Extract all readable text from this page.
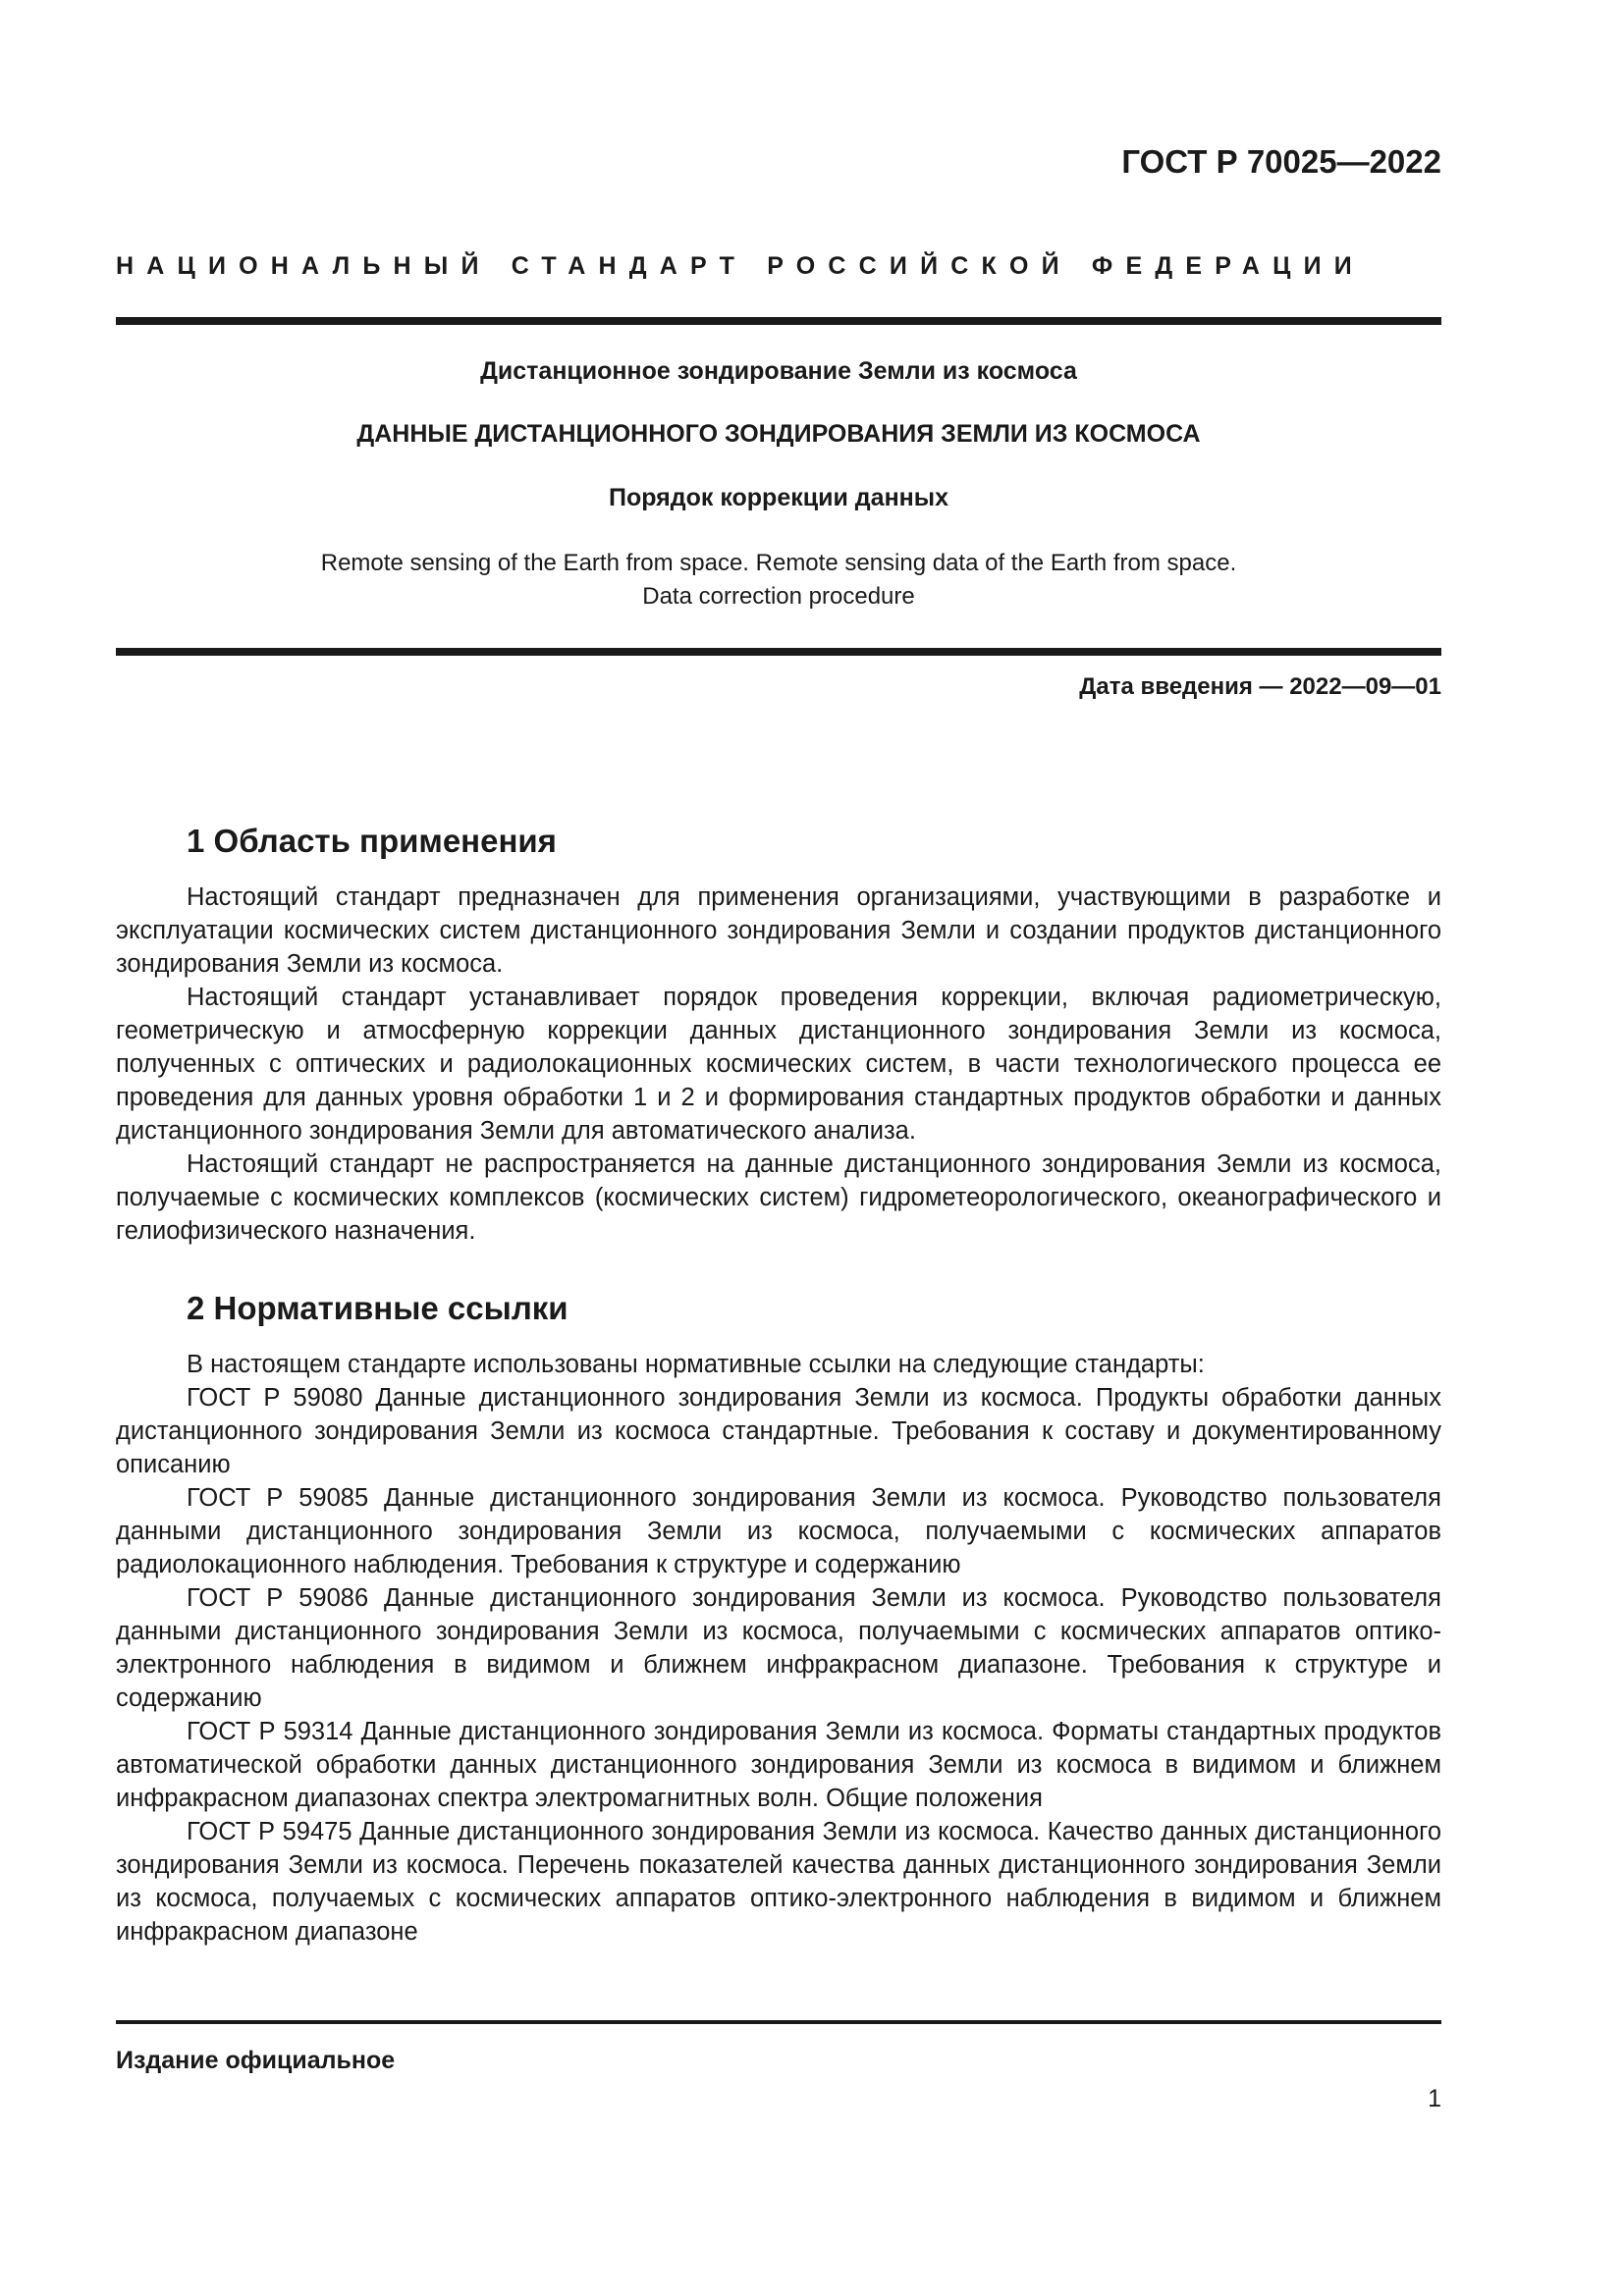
ГОСТ Р 70025—2022
НАЦИОНАЛЬНЫЙ СТАНДАРТ РОССИЙСКОЙ ФЕДЕРАЦИИ
Дистанционное зондирование Земли из космоса
ДАННЫЕ ДИСТАНЦИОННОГО ЗОНДИРОВАНИЯ ЗЕМЛИ ИЗ КОСМОСА
Порядок коррекции данных
Remote sensing of the Earth from space. Remote sensing data of the Earth from space.
Data correction procedure
Дата введения — 2022—09—01
1 Область применения

Настоящий стандарт предназначен для применения организациями, участвующими в разработке и эксплуатации космических систем дистанционного зондирования Земли и создании продуктов дистанционного зондирования Земли из космоса.

Настоящий стандарт устанавливает порядок проведения коррекции, включая радиометрическую, геометрическую и атмосферную коррекции данных дистанционного зондирования Земли из космоса, полученных с оптических и радиолокационных космических систем, в части технологического процесса ее проведения для данных уровня обработки 1 и 2 и формирования стандартных продуктов обработки и данных дистанционного зондирования Земли для автоматического анализа.

Настоящий стандарт не распространяется на данные дистанционного зондирования Земли из космоса, получаемые с космических комплексов (космических систем) гидрометеорологического, океанографического и гелиофизического назначения.

2 Нормативные ссылки

В настоящем стандарте использованы нормативные ссылки на следующие стандарты:

ГОСТ Р 59080 Данные дистанционного зондирования Земли из космоса. Продукты обработки данных дистанционного зондирования Земли из космоса стандартные. Требования к составу и документированному описанию

ГОСТ Р 59085 Данные дистанционного зондирования Земли из космоса. Руководство пользователя данными дистанционного зондирования Земли из космоса, получаемыми с космических аппаратов радиолокационного наблюдения. Требования к структуре и содержанию

ГОСТ Р 59086 Данные дистанционного зондирования Земли из космоса. Руководство пользователя данными дистанционного зондирования Земли из космоса, получаемыми с космических аппаратов оптико-электронного наблюдения в видимом и ближнем инфракрасном диапазоне. Требования к структуре и содержанию

ГОСТ Р 59314 Данные дистанционного зондирования Земли из космоса. Форматы стандартных продуктов автоматической обработки данных дистанционного зондирования Земли из космоса в видимом и ближнем инфракрасном диапазонах спектра электромагнитных волн. Общие положения

ГОСТ Р 59475 Данные дистанционного зондирования Земли из космоса. Качество данных дистанционного зондирования Земли из космоса. Перечень показателей качества данных дистанционного зондирования Земли из космоса, получаемых с космических аппаратов оптико-электронного наблюдения в видимом и ближнем инфракрасном диапазоне

Издание официальное
1
